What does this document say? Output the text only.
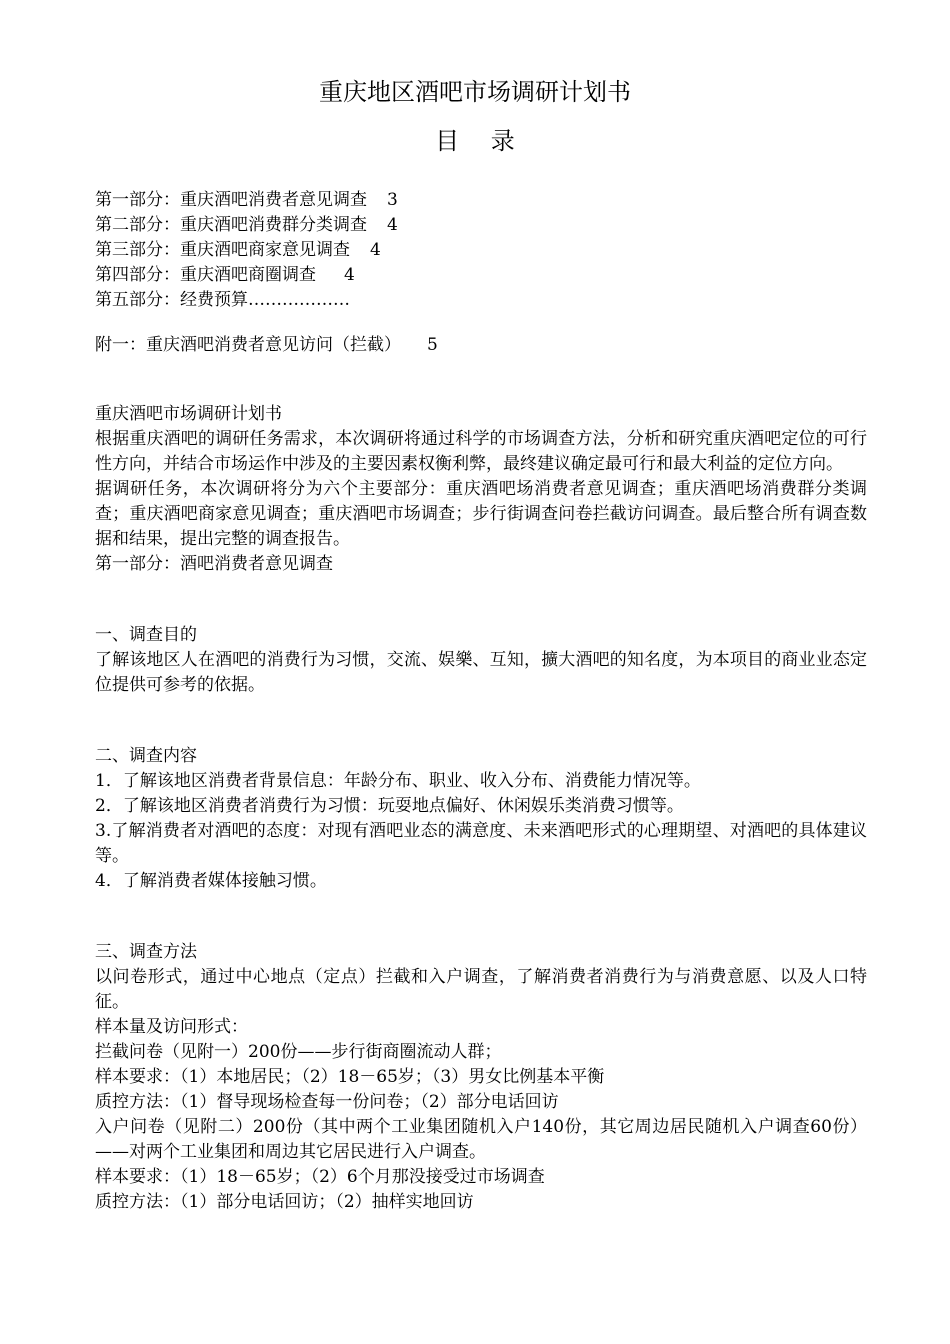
重庆地区酒吧市场调研计划书
目 录
第一部分：重庆酒吧消费者意见调查 3
第二部分：重庆酒吧消费群分类调查 4
第三部分：重庆酒吧商家意见调查 4
第四部分：重庆酒吧商圈调查 4
第五部分：经费预算………………
附一：重庆酒吧消费者意见访问（拦截） 5

重庆酒吧市场调研计划书

根据重庆酒吧的调研任务需求，本次调研将通过科学的市场调查方法，分析和研究重庆酒吧定位的可行性方向，并结合市场运作中涉及的主要因素权衡利弊，最终建议确定最可行和最大利益的定位方向。

据调研任务，本次调研将分为六个主要部分：重庆酒吧场消费者意见调查；重庆酒吧场消费群分类调查；重庆酒吧商家意见调查；重庆酒吧市场调查；步行街调查问卷拦截访问调查。最后整合所有调查数据和结果，提出完整的调查报告。

第一部分：酒吧消费者意见调查

一、调查目的

了解该地区人在酒吧的消费行为习惯，交流、娱樂、互知，擴大酒吧的知名度，为本项目的商业业态定位提供可参考的依据。

二、调查内容

1．了解该地区消费者背景信息：年龄分布、职业、收入分布、消费能力情况等。

2．了解该地区消费者消费行为习惯：玩耍地点偏好、休闲娱乐类消费习惯等。

3.了解消费者对酒吧的态度：对现有酒吧业态的满意度、未来酒吧形式的心理期望、对酒吧的具体建议等。

4．了解消费者媒体接触习惯。

三、调查方法

以问卷形式，通过中心地点（定点）拦截和入户调查，了解消费者消费行为与消费意愿、以及人口特征。

样本量及访问形式：

拦截问卷（见附一）200份——步行街商圈流动人群；

样本要求：（1）本地居民；（2）18－65岁；（3）男女比例基本平衡

质控方法：（1）督导现场检查每一份问卷；（2）部分电话回访

入户问卷（见附二）200份（其中两个工业集团随机入户140份，其它周边居民随机入户调查60份）——对两个工业集团和周边其它居民进行入户调查。

样本要求：（1）18－65岁；（2）6个月那没接受过市场调查

质控方法：（1）部分电话回访；（2）抽样实地回访
